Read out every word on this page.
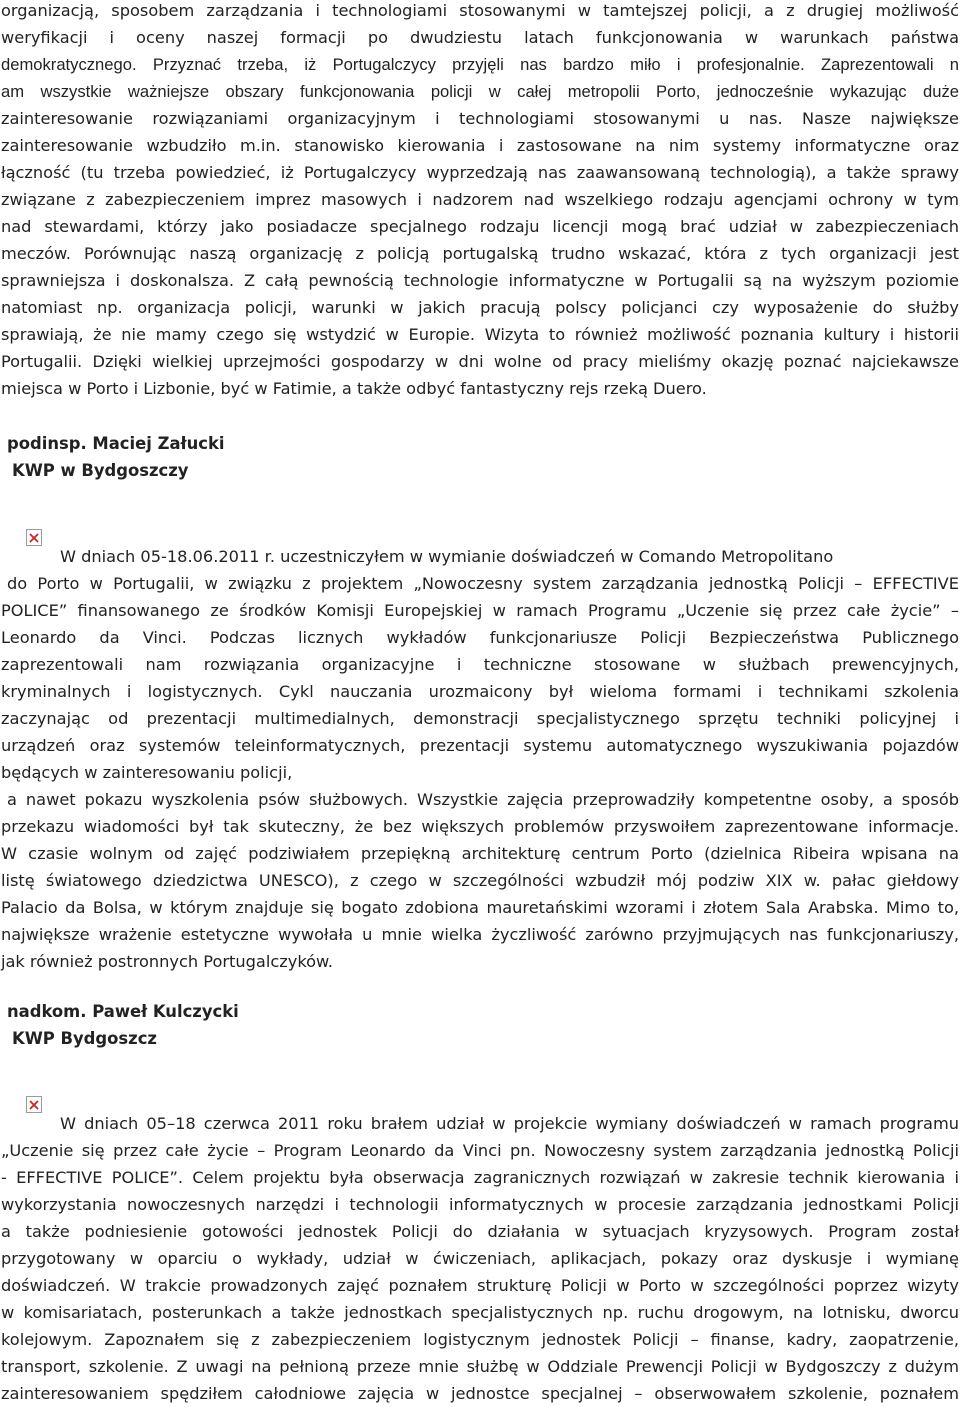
organizacją, sposobem zarządzania i technologiami stosowanymi w tamtejszej policji, a z drugiej możliwość
weryfikacji i oceny naszej formacji po dwudziestu latach funkcjonowania w warunkach państwa
demokratycznego. Przyznać trzeba, iż Portugalczycy przyjęli nas bardzo miło i profesjonalnie. Zaprezentowali n
am wszystkie ważniejsze obszary funkcjonowania policji w całej metropolii Porto, jednocześnie wykazując duże
zainteresowanie rozwiązaniami organizacyjnym i technologiami stosowanymi u nas. Nasze największe
zainteresowanie wzbudziło m.in. stanowisko kierowania i zastosowane na nim systemy informatyczne oraz
łączność (tu trzeba powiedzieć, iż Portugalczycy wyprzedzają nas zaawansowaną technologią), a także sprawy
związane z zabezpieczeniem imprez masowych i nadzorem nad wszelkiego rodzaju agencjami ochrony w tym
nad stewardami, którzy jako posiadacze specjalnego rodzaju licencji mogą brać udział w zabezpieczeniach
meczów. Porównując naszą organizację z policją portugalską trudno wskazać, która z tych organizacji jest
sprawniejsza i doskonalsza. Z całą pewnością technologie informatyczne w Portugalii są na wyższym poziomie
natomiast np. organizacja policji, warunki w jakich pracują polscy policjanci czy wyposażenie do służby
sprawiają, że nie mamy czego się wstydzić w Europie. Wizyta to również możliwość poznania kultury i historii
Portugalii. Dzięki wielkiej uprzejmości gospodarzy w dni wolne od pracy mieliśmy okazję poznać najciekawsze
miejsca w Porto i Lizbonie, być w Fatimie, a także odbyć fantastyczny rejs rzeką Duero.

podinsp. Maciej Załucki

KWP w Bydgoszczy

W dniach 05-18.06.2011 r. uczestniczyłem w wymianie doświadczeń w Comando Metropolitano
do Porto w Portugalii, w związku z projektem „Nowoczesny system zarządzania jednostką Policji – EFFECTIVE
POLICE” finansowanego ze środków Komisji Europejskiej w ramach Programu „Uczenie się przez całe życie” –
Leonardo da Vinci. Podczas licznych wykładów funkcjonariusze Policji Bezpieczeństwa Publicznego
zaprezentowali nam rozwiązania organizacyjne i techniczne stosowane w służbach prewencyjnych,
kryminalnych i logistycznych. Cykl nauczania urozmaicony był wieloma formami i technikami szkolenia
zaczynając od prezentacji multimedialnych, demonstracji specjalistycznego sprzętu techniki policyjnej i
urządzeń oraz systemów teleinformatycznych, prezentacji systemu automatycznego wyszukiwania pojazdów
będących w zainteresowaniu policji,
a nawet pokazu wyszkolenia psów służbowych. Wszystkie zajęcia przeprowadziły kompetentne osoby, a sposób
przekazu wiadomości był tak skuteczny, że bez większych problemów przyswoiłem zaprezentowane informacje.
W czasie wolnym od zajęć podziwiałem przepiękną architekturę centrum Porto (dzielnica Ribeira wpisana na
listę światowego dziedzictwa UNESCO), z czego w szczególności wzbudził mój podziw XIX w. pałac giełdowy
Palacio da Bolsa, w którym znajduje się bogato zdobiona mauretańskimi wzorami i złotem Sala Arabska. Mimo to,
największe wrażenie estetyczne wywołała u mnie wielka życzliwość zarówno przyjmujących nas funkcjonariuszy,
jak również postronnych Portugalczyków.

nadkom. Paweł Kulczycki

KWP Bydgoszcz

W dniach 05–18 czerwca 2011 roku brałem udział w projekcie wymiany doświadczeń w ramach programu
„Uczenie się przez całe życie – Program Leonardo da Vinci pn. Nowoczesny system zarządzania jednostką Policji
- EFFECTIVE POLICE”. Celem projektu była obserwacja zagranicznych rozwiązań w zakresie technik kierowania i
wykorzystania nowoczesnych narzędzi i technologii informatycznych w procesie zarządzania jednostkami Policji
a także podniesienie gotowości jednostek Policji do działania w sytuacjach kryzysowych. Program został
przygotowany w oparciu o wykłady, udział w ćwiczeniach, aplikacjach, pokazy oraz dyskusje i wymianę
doświadczeń. W trakcie prowadzonych zajęć poznałem strukturę Policji w Porto w szczególności poprzez wizyty
w komisariatach, posterunkach a także jednostkach specjalistycznych np. ruchu drogowym, na lotnisku, dworcu
kolejowym. Zapoznałem się z zabezpieczeniem logistycznym jednostek Policji – finanse, kadry, zaopatrzenie,
transport, szkolenie. Z uwagi na pełnioną przeze mnie służbę w Oddziale Prewencji Policji w Bydgoszczy z dużym
zainteresowaniem spędziłem całodniowe zajęcia w jednostce specjalnej – obserwowałem szkolenie, poznałem
